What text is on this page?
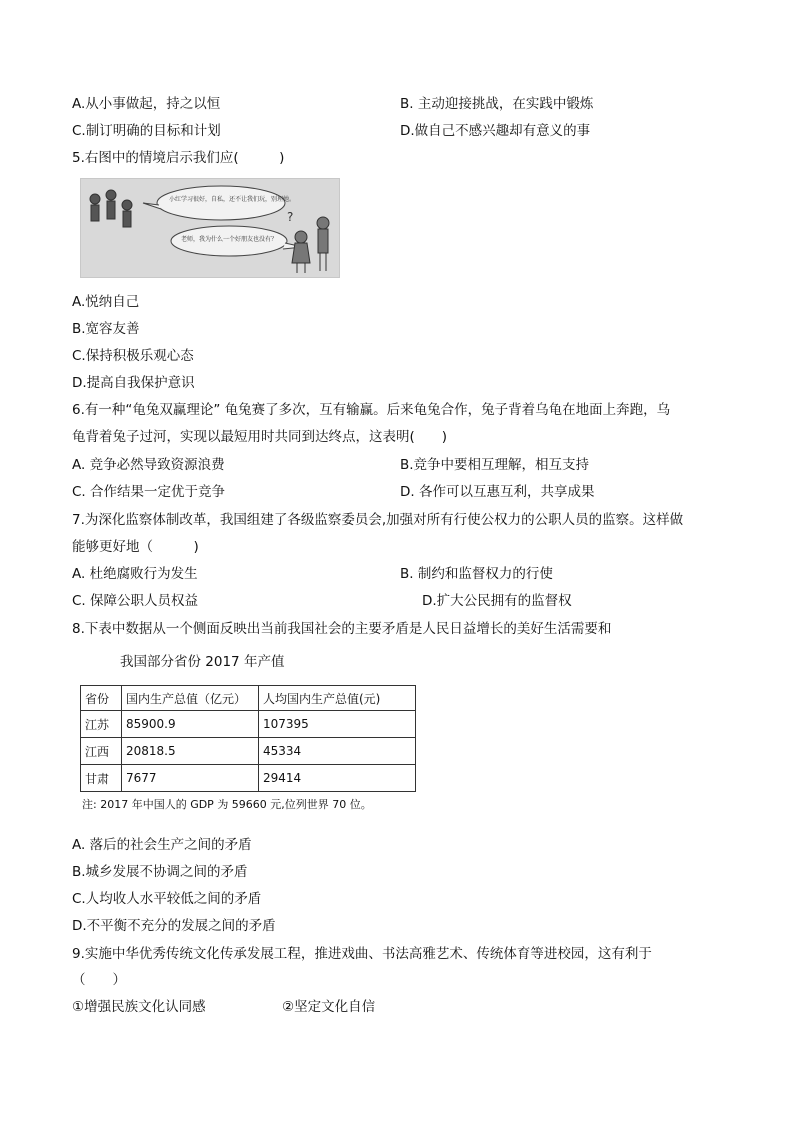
A.从小事做起，持之以恒	B. 主动迎接挑战，在实践中锻炼
C.制订明确的目标和计划	D.做自己不感兴趣却有意义的事
5.右图中的情境启示我们应(　　　)
小红学习很好，自私，还不让我们玩，别理她。
老师，我为什么一个好朋友也没有？
?
A.悦纳自己
B.宽容友善
C.保持积极乐观心态
D.提高自我保护意识
6.有一种“龟兔双赢理论” 龟兔赛了多次，互有输赢。后来龟兔合作，兔子背着乌龟在地面上奔跑，乌
龟背着兔子过河，实现以最短用时共同到达终点，这表明(　　)
A. 竞争必然导致资源浪费	B.竞争中要相互理解，相互支持
C. 合作结果一定优于竞争	D. 各作可以互惠互利，共享成果
7.为深化监察体制改革，我国组建了各级监察委员会,加强对所有行使公权力的公职人员的监察。这样做
能够更好地（　　　)
A. 杜绝腐败行为发生	B. 制约和监督权力的行使
C. 保障公职人员权益	D.扩大公民拥有的监督权
8.下表中数据从一个侧面反映出当前我国社会的主要矛盾是人民日益增长的美好生活需要和
我国部分省份 2017 年产值
省份	国内生产总值（亿元）	人均国内生产总值(元)
江苏	85900.9	107395
江西	20818.5	45334
甘肃	7677	29414
注: 2017 年中国人的 GDP 为 59660 元,位列世界 70 位。
A. 落后的社会生产之间的矛盾
B.城乡发展不协调之间的矛盾
C.人均收人水平较低之间的矛盾
D.不平衡不充分的发展之间的矛盾
9.实施中华优秀传统文化传承发展工程，推进戏曲、书法高雅艺术、传统体育等进校园，这有利于
（　　）
①增强民族文化认同感	②坚定文化自信
